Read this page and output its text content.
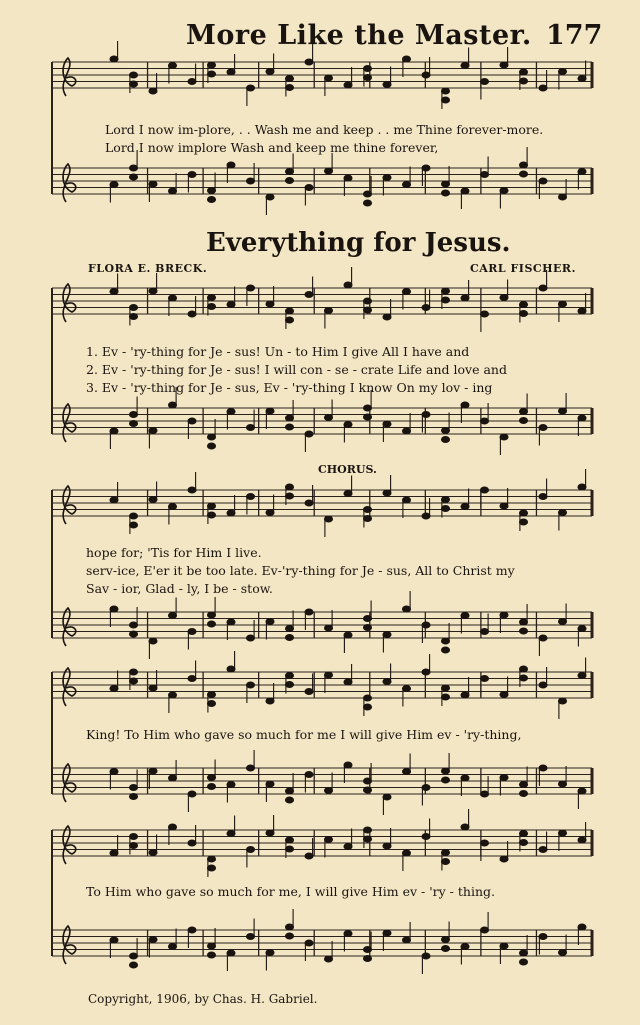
More Like the Master. 177
Lord I now im-plore, . . Wash me and keep . . me Thine forever-more.
Lord I now implore Wash and keep me thine forever,
Everything for Jesus.
FLORA E. BRECK.	CARL FISCHER.
1. Ev - 'ry-thing for Je - sus! Un - to Him I give All I have and
2. Ev - 'ry-thing for Je - sus! I will con - se - crate Life and love and
3. Ev - 'ry-thing for Je - sus, Ev - 'ry-thing I know On my lov - ing
CHORUS.
hope for; 'Tis for Him I live.
serv-ice, E'er it be too late. Ev-'ry-thing for Je - sus, All to Christ my
Sav - ior, Glad - ly, I be - stow.
King! To Him who gave so much for me I will give Him ev - 'ry-thing,
To Him who gave so much for me, I will give Him ev - 'ry - thing.
Copyright, 1906, by Chas. H. Gabriel.
